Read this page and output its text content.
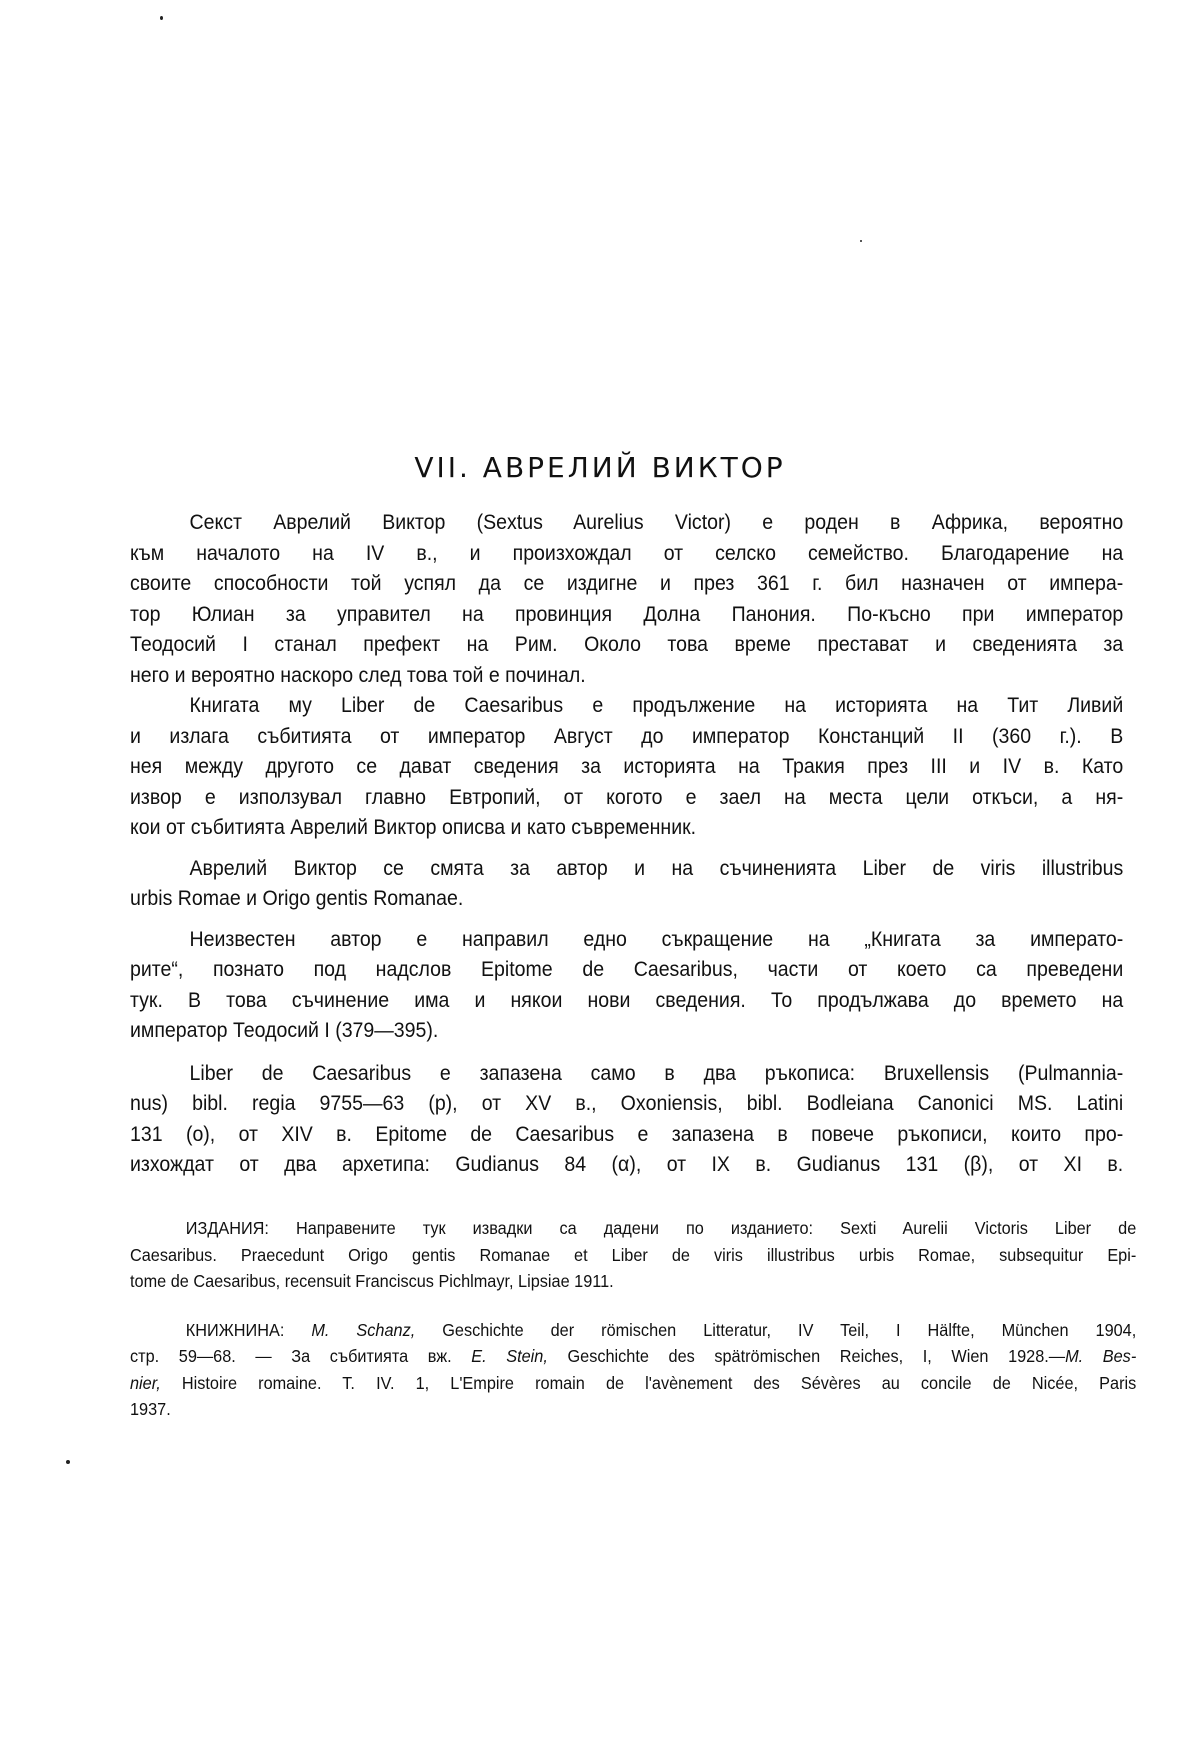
VII. АВРЕЛИЙ ВИКТОР
Секст Аврелий Виктор (Sextus Aurelius Victor) е роден в Африка, вероятно
към началото на IV в., и произхождал от селско семейство. Благодарение на
своите способности той успял да се издигне и през 361 г. бил назначен от импера-
тор Юлиан за управител на провинция Долна Панония. По-късно при император
Теодосий I станал префект на Рим. Около това време престават и сведенията за
него и вероятно наскоро след това той е починал.
Книгата му Liber de Caesaribus е продължение на историята на Тит Ливий
и излага събитията от император Август до император Констанций II (360 г.). В
нея между другото се дават сведения за историята на Тракия през III и IV в. Като
извор е използувал главно Евтропий, от когото е заел на места цели откъси, а ня-
кои от събитията Аврелий Виктор описва и като съвременник.
Аврелий Виктор се смята за автор и на съчиненията Liber de viris illustribus
urbis Romae и Origo gentis Romanae.
Неизвестен автор е направил едно съкращение на „Книгата за императо-
рите“, познато под надслов Epitome de Caesaribus, части от което са преведени
тук. В това съчинение има и някои нови сведения. То продължава до времето на
император Теодосий I (379—395).
Liber de Caesaribus е запазена само в два ръкописа: Bruxellensis (Pulmannia-
nus) bibl. regia 9755—63 (p), от XV в., Oxoniensis, bibl. Bodleiana Canonici MS. Latini
131 (o), от XIV в. Epitome de Caesaribus е запазена в повече ръкописи, които про-
изхождат от два архетипа: Gudianus 84 (α), от IX в. Gudianus 131 (β), от XI в.
ИЗДАНИЯ: Направените тук извадки са дадени по изданието: Sexti Aurelii Victoris Liber de
Caesaribus. Praecedunt Origo gentis Romanae et Liber de viris illustribus urbis Romae, subsequitur Epi-
tome de Caesaribus, recensuit Franciscus Pichlmayr, Lipsiae 1911.
КНИЖНИНА: M. Schanz, Geschichte der römischen Litteratur, IV Teil, I Hälfte, München 1904,
стр. 59—68. — За събитията вж. E. Stein, Geschichte des spätrömischen Reiches, I, Wien 1928.—M. Bes-
nier, Histoire romaine. T. IV. 1, L'Empire romain de l'avènement des Sévères au concile de Nicée, Paris
1937.
